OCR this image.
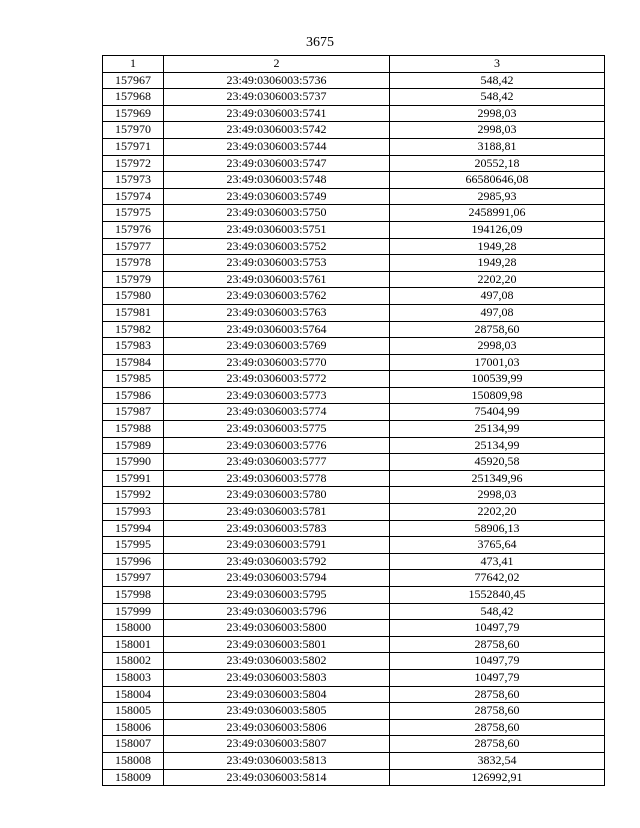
3675
1	2	3
157967	23:49:0306003:5736	548,42
157968	23:49:0306003:5737	548,42
157969	23:49:0306003:5741	2998,03
157970	23:49:0306003:5742	2998,03
157971	23:49:0306003:5744	3188,81
157972	23:49:0306003:5747	20552,18
157973	23:49:0306003:5748	66580646,08
157974	23:49:0306003:5749	2985,93
157975	23:49:0306003:5750	2458991,06
157976	23:49:0306003:5751	194126,09
157977	23:49:0306003:5752	1949,28
157978	23:49:0306003:5753	1949,28
157979	23:49:0306003:5761	2202,20
157980	23:49:0306003:5762	497,08
157981	23:49:0306003:5763	497,08
157982	23:49:0306003:5764	28758,60
157983	23:49:0306003:5769	2998,03
157984	23:49:0306003:5770	17001,03
157985	23:49:0306003:5772	100539,99
157986	23:49:0306003:5773	150809,98
157987	23:49:0306003:5774	75404,99
157988	23:49:0306003:5775	25134,99
157989	23:49:0306003:5776	25134,99
157990	23:49:0306003:5777	45920,58
157991	23:49:0306003:5778	251349,96
157992	23:49:0306003:5780	2998,03
157993	23:49:0306003:5781	2202,20
157994	23:49:0306003:5783	58906,13
157995	23:49:0306003:5791	3765,64
157996	23:49:0306003:5792	473,41
157997	23:49:0306003:5794	77642,02
157998	23:49:0306003:5795	1552840,45
157999	23:49:0306003:5796	548,42
158000	23:49:0306003:5800	10497,79
158001	23:49:0306003:5801	28758,60
158002	23:49:0306003:5802	10497,79
158003	23:49:0306003:5803	10497,79
158004	23:49:0306003:5804	28758,60
158005	23:49:0306003:5805	28758,60
158006	23:49:0306003:5806	28758,60
158007	23:49:0306003:5807	28758,60
158008	23:49:0306003:5813	3832,54
158009	23:49:0306003:5814	126992,91
